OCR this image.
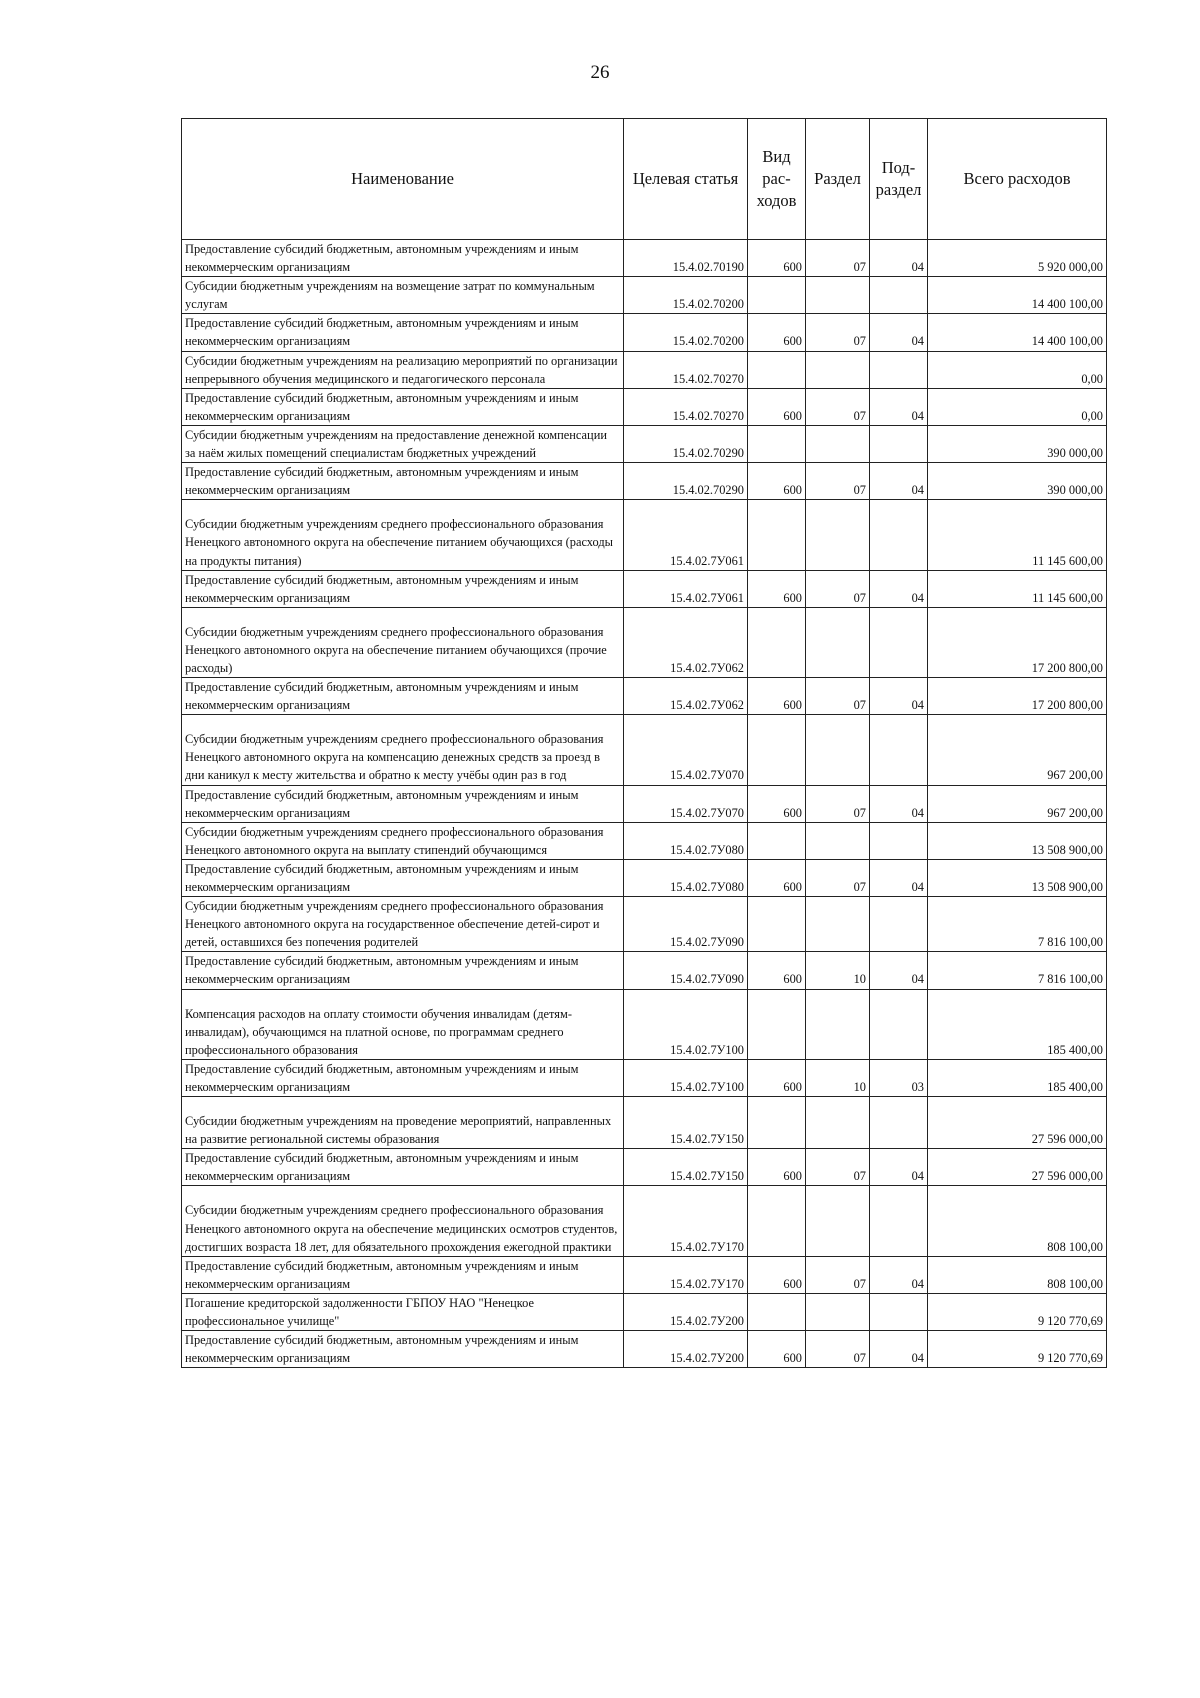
26
Наименование	Целевая статья	Вид рас-ходов	Раздел	Под-раздел	Всего расходов
Предоставление субсидий бюджетным, автономным учреждениям и иным некоммерческим организациям	15.4.02.70190	600	07	04	5 920 000,00
Субсидии бюджетным учреждениям на возмещение затрат по коммунальным услугам	15.4.02.70200				14 400 100,00
Предоставление субсидий бюджетным, автономным учреждениям и иным некоммерческим организациям	15.4.02.70200	600	07	04	14 400 100,00
Субсидии бюджетным учреждениям на реализацию мероприятий по организации непрерывного обучения медицинского и педагогического персонала	15.4.02.70270				0,00
Предоставление субсидий бюджетным, автономным учреждениям и иным некоммерческим организациям	15.4.02.70270	600	07	04	0,00
Субсидии бюджетным учреждениям на предоставление денежной компенсации за наём жилых помещений специалистам бюджетных учреждений	15.4.02.70290				390 000,00
Предоставление субсидий бюджетным, автономным учреждениям и иным некоммерческим организациям	15.4.02.70290	600	07	04	390 000,00
Субсидии бюджетным учреждениям среднего профессионального образования Ненецкого автономного округа на обеспечение питанием обучающихся (расходы на продукты питания)	15.4.02.7У061				11 145 600,00
Предоставление субсидий бюджетным, автономным учреждениям и иным некоммерческим организациям	15.4.02.7У061	600	07	04	11 145 600,00
Субсидии бюджетным учреждениям среднего профессионального образования Ненецкого автономного округа на обеспечение питанием обучающихся (прочие расходы)	15.4.02.7У062				17 200 800,00
Предоставление субсидий бюджетным, автономным учреждениям и иным некоммерческим организациям	15.4.02.7У062	600	07	04	17 200 800,00
Субсидии бюджетным учреждениям среднего профессионального образования Ненецкого автономного округа на компенсацию денежных средств за проезд в дни каникул к месту жительства и обратно к месту учёбы один раз в год	15.4.02.7У070				967 200,00
Предоставление субсидий бюджетным, автономным учреждениям и иным некоммерческим организациям	15.4.02.7У070	600	07	04	967 200,00
Субсидии бюджетным учреждениям среднего профессионального образования Ненецкого автономного округа на выплату стипендий обучающимся	15.4.02.7У080				13 508 900,00
Предоставление субсидий бюджетным, автономным учреждениям и иным некоммерческим организациям	15.4.02.7У080	600	07	04	13 508 900,00
Субсидии бюджетным учреждениям среднего профессионального образования Ненецкого автономного округа на государственное обеспечение детей-сирот и детей, оставшихся без попечения родителей	15.4.02.7У090				7 816 100,00
Предоставление субсидий бюджетным, автономным учреждениям и иным некоммерческим организациям	15.4.02.7У090	600	10	04	7 816 100,00
Компенсация расходов на оплату стоимости обучения инвалидам (детям-инвалидам), обучающимся на платной основе, по программам среднего профессионального образования	15.4.02.7У100				185 400,00
Предоставление субсидий бюджетным, автономным учреждениям и иным некоммерческим организациям	15.4.02.7У100	600	10	03	185 400,00
Субсидии бюджетным учреждениям на проведение мероприятий, направленных на развитие региональной системы образования	15.4.02.7У150				27 596 000,00
Предоставление субсидий бюджетным, автономным учреждениям и иным некоммерческим организациям	15.4.02.7У150	600	07	04	27 596 000,00
Субсидии бюджетным учреждениям среднего профессионального образования Ненецкого автономного округа на обеспечение медицинских осмотров студентов, достигших возраста 18 лет, для обязательного прохождения ежегодной практики	15.4.02.7У170				808 100,00
Предоставление субсидий бюджетным, автономным учреждениям и иным некоммерческим организациям	15.4.02.7У170	600	07	04	808 100,00
Погашение кредиторской задолженности ГБПОУ НАО "Ненецкое профессиональное училище"	15.4.02.7У200				9 120 770,69
Предоставление субсидий бюджетным, автономным учреждениям и иным некоммерческим организациям	15.4.02.7У200	600	07	04	9 120 770,69
